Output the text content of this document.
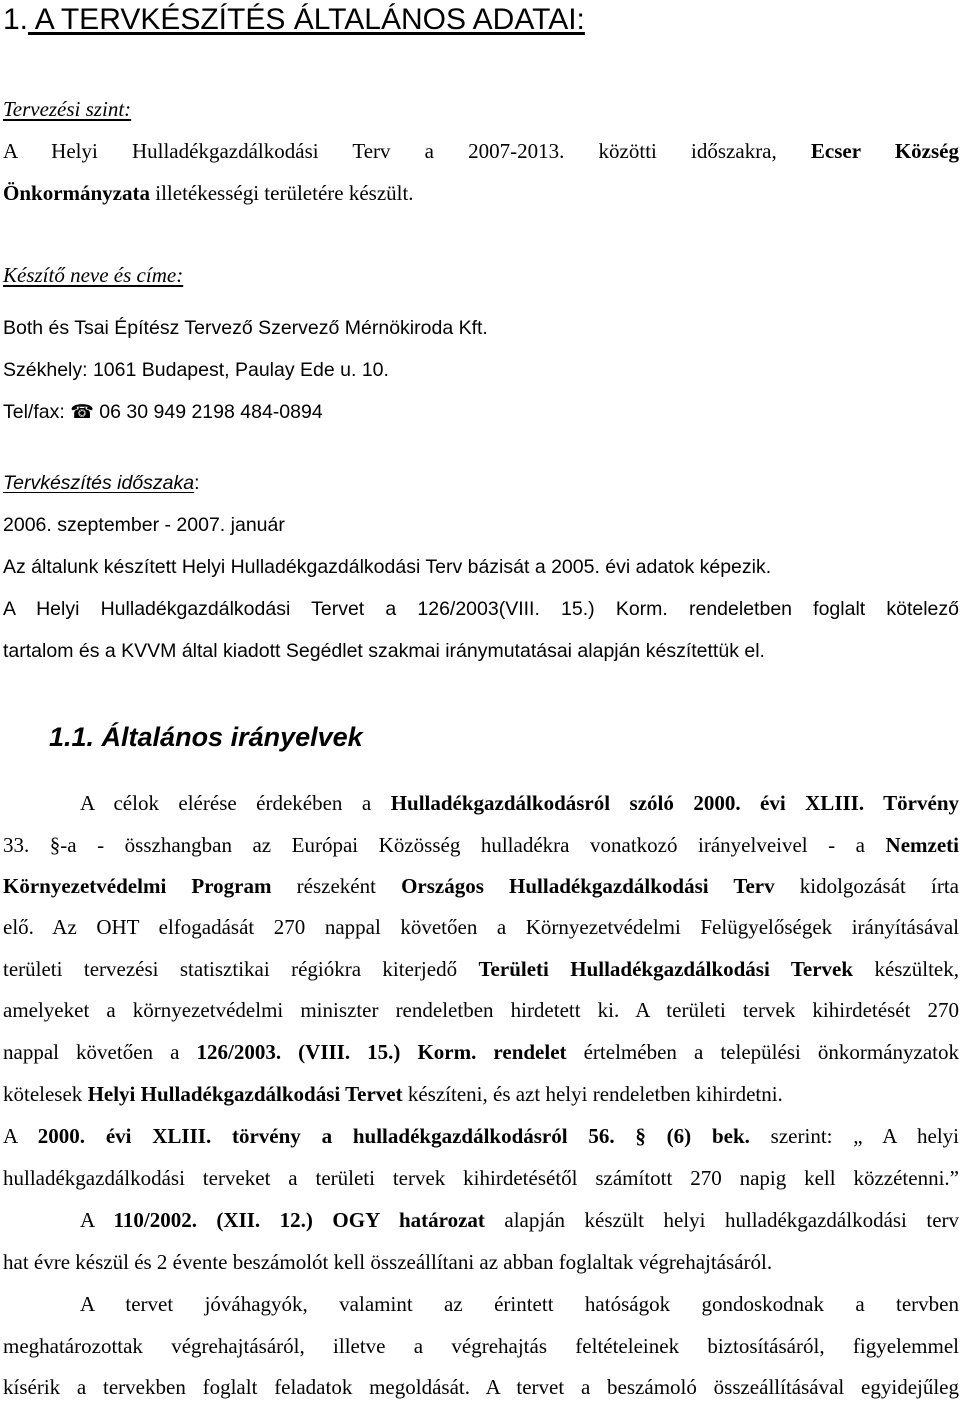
1. A TERVKÉSZÍTÉS ÁLTALÁNOS ADATAI:
Tervezési szint:
A Helyi Hulladékgazdálkodási Terv a 2007-2013. közötti időszakra, Ecser Község
Önkormányzata illetékességi területére készült.
Készítő neve és címe:
Both és Tsai Építész Tervező Szervező Mérnökiroda Kft.
Székhely: 1061 Budapest, Paulay Ede u. 10.
Tel/fax: ☎ 06 30 949 2198 484-0894
Tervkészítés időszaka:
2006. szeptember - 2007. január
Az általunk készített Helyi Hulladékgazdálkodási Terv bázisát a 2005. évi adatok képezik.
A Helyi Hulladékgazdálkodási Tervet a 126/2003(VIII. 15.) Korm. rendeletben foglalt kötelező
tartalom és a KVVM által kiadott Segédlet szakmai iránymutatásai alapján készítettük el.
1.1. Általános irányelvek
A célok elérése érdekében a Hulladékgazdálkodásról szóló 2000. évi XLIII. Törvény
33. §-a - összhangban az Európai Közösség hulladékra vonatkozó irányelveivel - a Nemzeti
Környezetvédelmi Program részeként Országos Hulladékgazdálkodási Terv kidolgozását írta
elő. Az OHT elfogadását 270 nappal követően a Környezetvédelmi Felügyelőségek irányításával
területi tervezési statisztikai régiókra kiterjedő Területi Hulladékgazdálkodási Tervek készültek,
amelyeket a környezetvédelmi miniszter rendeletben hirdetett ki. A területi tervek kihirdetését 270
nappal követően a 126/2003. (VIII. 15.) Korm. rendelet értelmében a települési önkormányzatok
kötelesek Helyi Hulladékgazdálkodási Tervet készíteni, és azt helyi rendeletben kihirdetni.
A 2000. évi XLIII. törvény a hulladékgazdálkodásról 56. § (6) bek. szerint: „ A helyi
hulladékgazdálkodási terveket a területi tervek kihirdetésétől számított 270 napig kell közzétenni.”
A 110/2002. (XII. 12.) OGY határozat alapján készült helyi hulladékgazdálkodási terv
hat évre készül és 2 évente beszámolót kell összeállítani az abban foglaltak végrehajtásáról.
A tervet jóváhagyók, valamint az érintett hatóságok gondoskodnak a tervben
meghatározottak végrehajtásáról, illetve a végrehajtás feltételeinek biztosításáról, figyelemmel
kísérik a tervekben foglalt feladatok megoldását. A tervet a beszámoló összeállításával egyidejűleg
